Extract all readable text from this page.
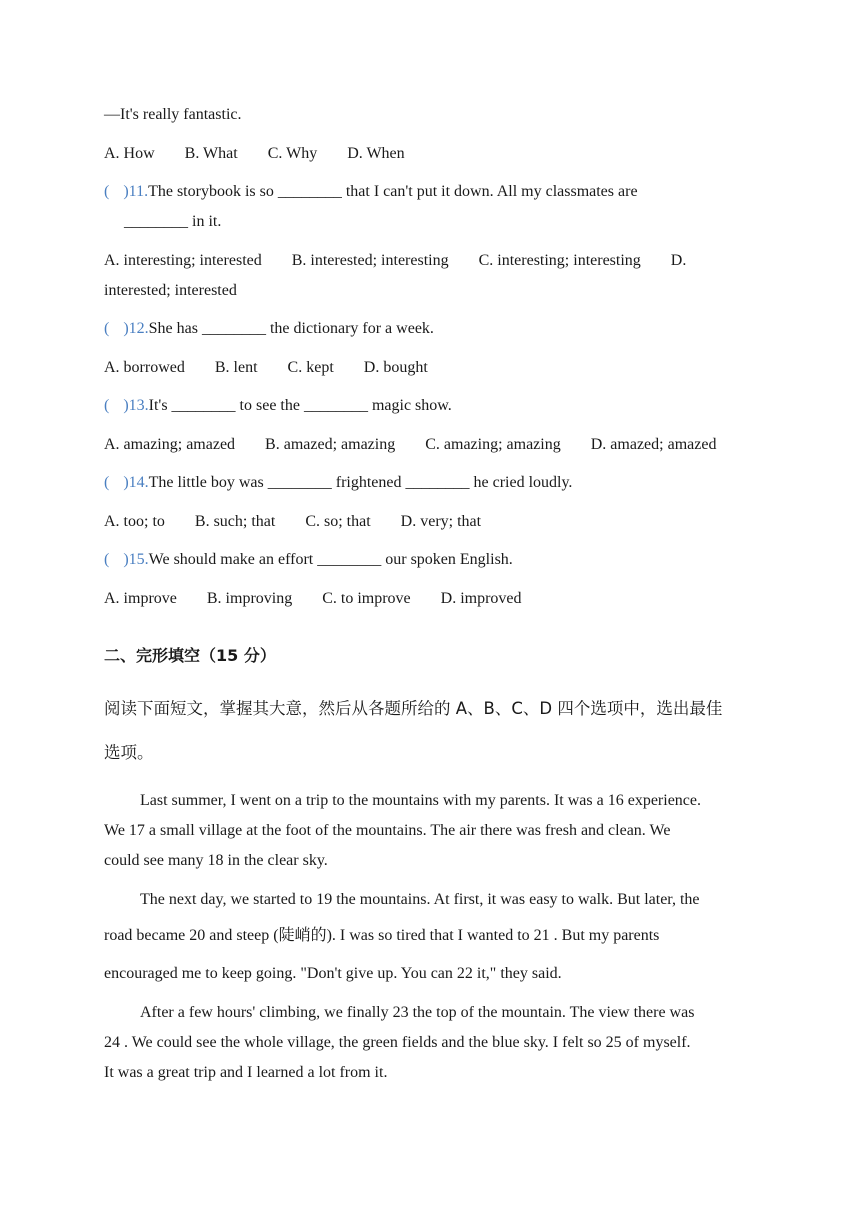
—It's really fantastic.
A. How B. What C. Why D. When
( )11.The storybook is so ________ that I can't put it down. All my classmates are
________ in it.
A. interesting; interested B. interested; interesting C. interesting; interesting D.
interested; interested
( )12.She has ________ the dictionary for a week.
A. borrowed B. lent C. kept D. bought
( )13.It's ________ to see the ________ magic show.
A. amazing; amazed B. amazed; amazing C. amazing; amazing D. amazed; amazed
( )14.The little boy was ________ frightened ________ he cried loudly.
A. too; to B. such; that C. so; that D. very; that
( )15.We should make an effort ________ our spoken English.
A. improve B. improving C. to improve D. improved
二、完形填空（15 分）
阅读下面短文，掌握其大意，然后从各题所给的 A、B、C、D 四个选项中，选出最佳
选项。
Last summer, I went on a trip to the mountains with my parents. It was a 16 experience.
We 17 a small village at the foot of the mountains. The air there was fresh and clean. We
could see many 18 in the clear sky.
The next day, we started to 19 the mountains. At first, it was easy to walk. But later, the
road became 20 and steep (陡峭的). I was so tired that I wanted to 21 . But my parents
encouraged me to keep going. "Don't give up. You can 22 it," they said.
After a few hours' climbing, we finally 23 the top of the mountain. The view there was
24 . We could see the whole village, the green fields and the blue sky. I felt so 25 of myself.
It was a great trip and I learned a lot from it.
